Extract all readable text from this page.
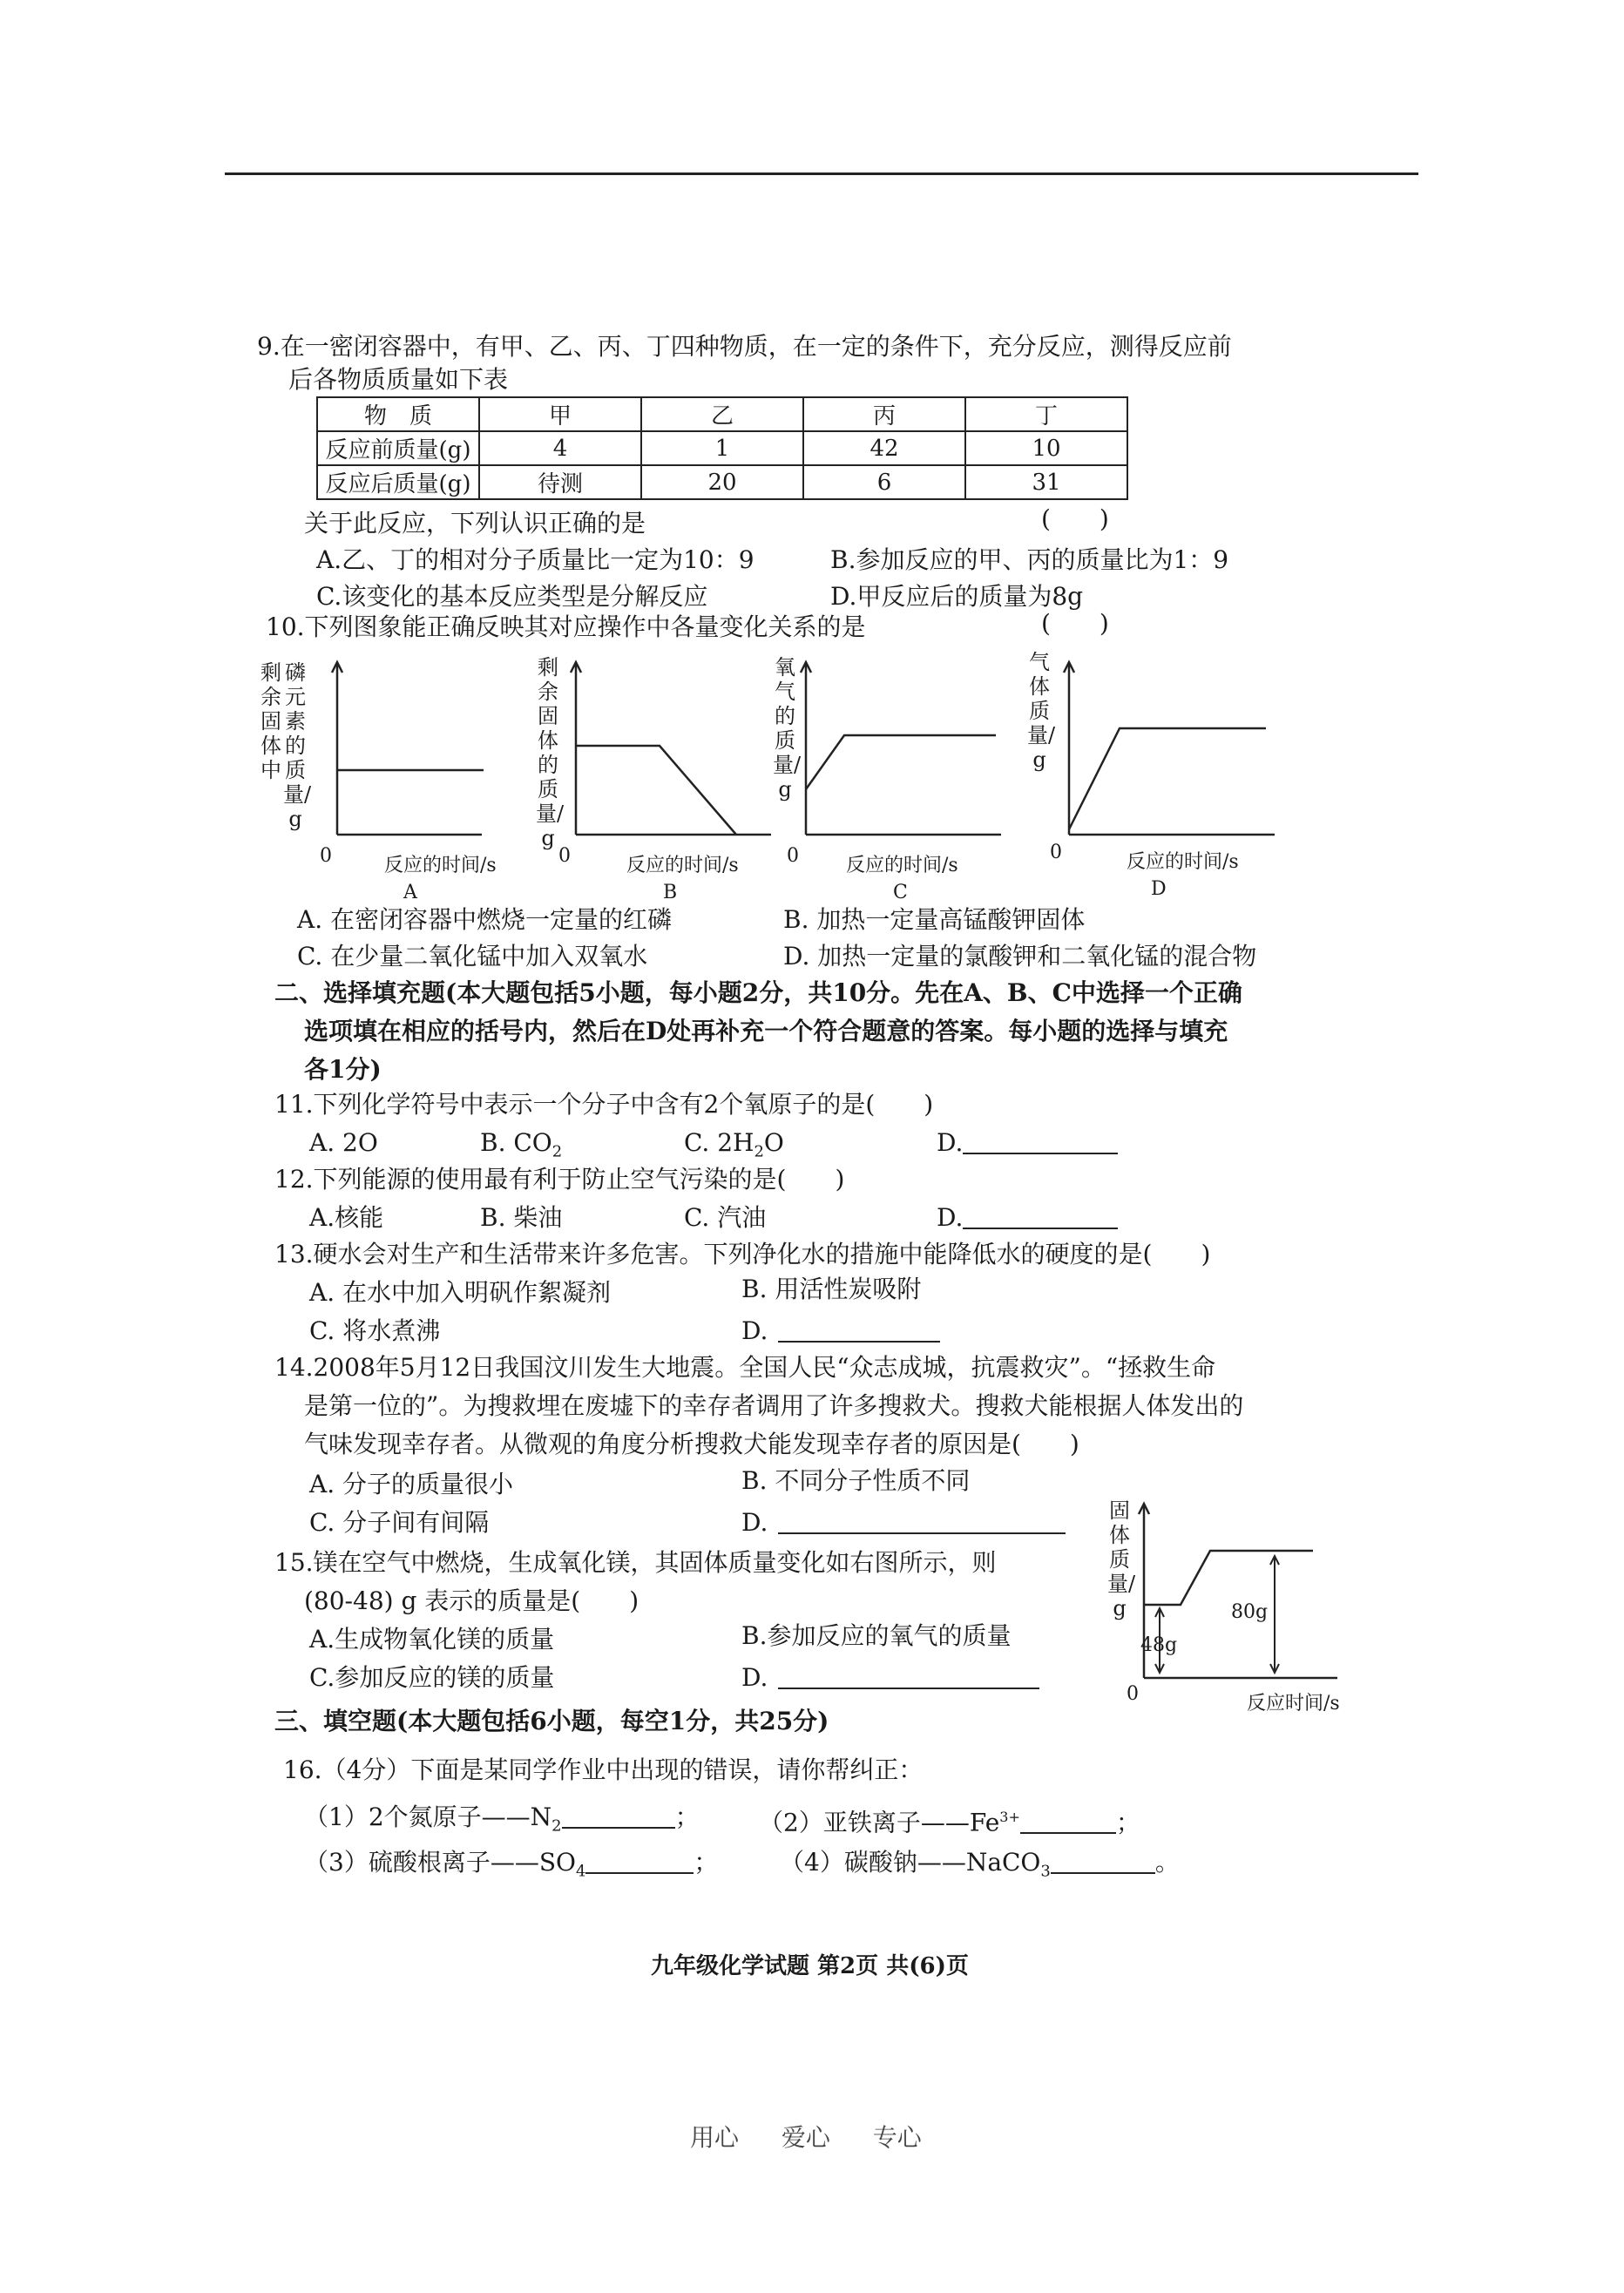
9.在一密闭容器中，有甲、乙、丙、丁四种物质，在一定的条件下，充分反应，测得反应前
后各物质质量如下表
物　质	甲	乙	丙	丁
反应前质量(g)	4	1	42	10
反应后质量(g)	待测	20	6	31
关于此反应，下列认识正确的是	(　　)
A.乙、丁的相对分子质量比一定为10：9	B.参加反应的甲、丙的质量比为1：9
C.该变化的基本反应类型是分解反应	D.甲反应后的质量为8g
10.下列图象能正确反映其对应操作中各量变化关系的是	(　　)
剩余固体中
磷元素的质量/g
0	反应的时间/s
A
剩余固体的质量/g
0	反应的时间/s
B
氧气的质量/g
0 反应的时间/s
C
气体质量/g
0	反应的时间/s
D
A. 在密闭容器中燃烧一定量的红磷	B. 加热一定量高锰酸钾固体
C. 在少量二氧化锰中加入双氧水	D. 加热一定量的氯酸钾和二氧化锰的混合物
二、选择填充题(本大题包括5小题，每小题2分，共10分。先在A、B、C中选择一个正确
选项填在相应的括号内，然后在D处再补充一个符合题意的答案。每小题的选择与填充
各1分)
11.下列化学符号中表示一个分子中含有2个氧原子的是(　　)
A. 2O	B. $CO_2$	C. $2H_2O$	D.
12.下列能源的使用最有利于防止空气污染的是(　　)
A.核能	B. 柴油	C. 汽油	D.
13.硬水会对生产和生活带来许多危害。下列净化水的措施中能降低水的硬度的是(　　)
A. 在水中加入明矾作絮凝剂	B. 用活性炭吸附
C. 将水煮沸	D.
14.2008年5月12日我国汶川发生大地震。全国人民“众志成城，抗震救灾”。“拯救生命
是第一位的”。为搜救埋在废墟下的幸存者调用了许多搜救犬。搜救犬能根据人体发出的
气味发现幸存者。从微观的角度分析搜救犬能发现幸存者的原因是(　　)
A. 分子的质量很小	B. 不同分子性质不同
C. 分子间有间隔	D.
15.镁在空气中燃烧，生成氧化镁，其固体质量变化如右图所示，则
(80-48) g 表示的质量是(　　)
A.生成物氧化镁的质量	B.参加反应的氧气的质量
C.参加反应的镁的质量	D.
固体质量/g
48g
80g
0	反应时间/s
三、填空题(本大题包括6小题，每空1分，共25分)
16.（4分）下面是某同学作业中出现的错误，请你帮纠正：
（1）2个氮原子$——N_2$	； （2）亚铁离子$——Fe^{3+}$	；
（3）硫酸根离子$——SO_4$	；	（4）碳酸钠——NaCO$_3$	。
九年级化学试题 第2页 共(6)页
用心 爱心 专心
